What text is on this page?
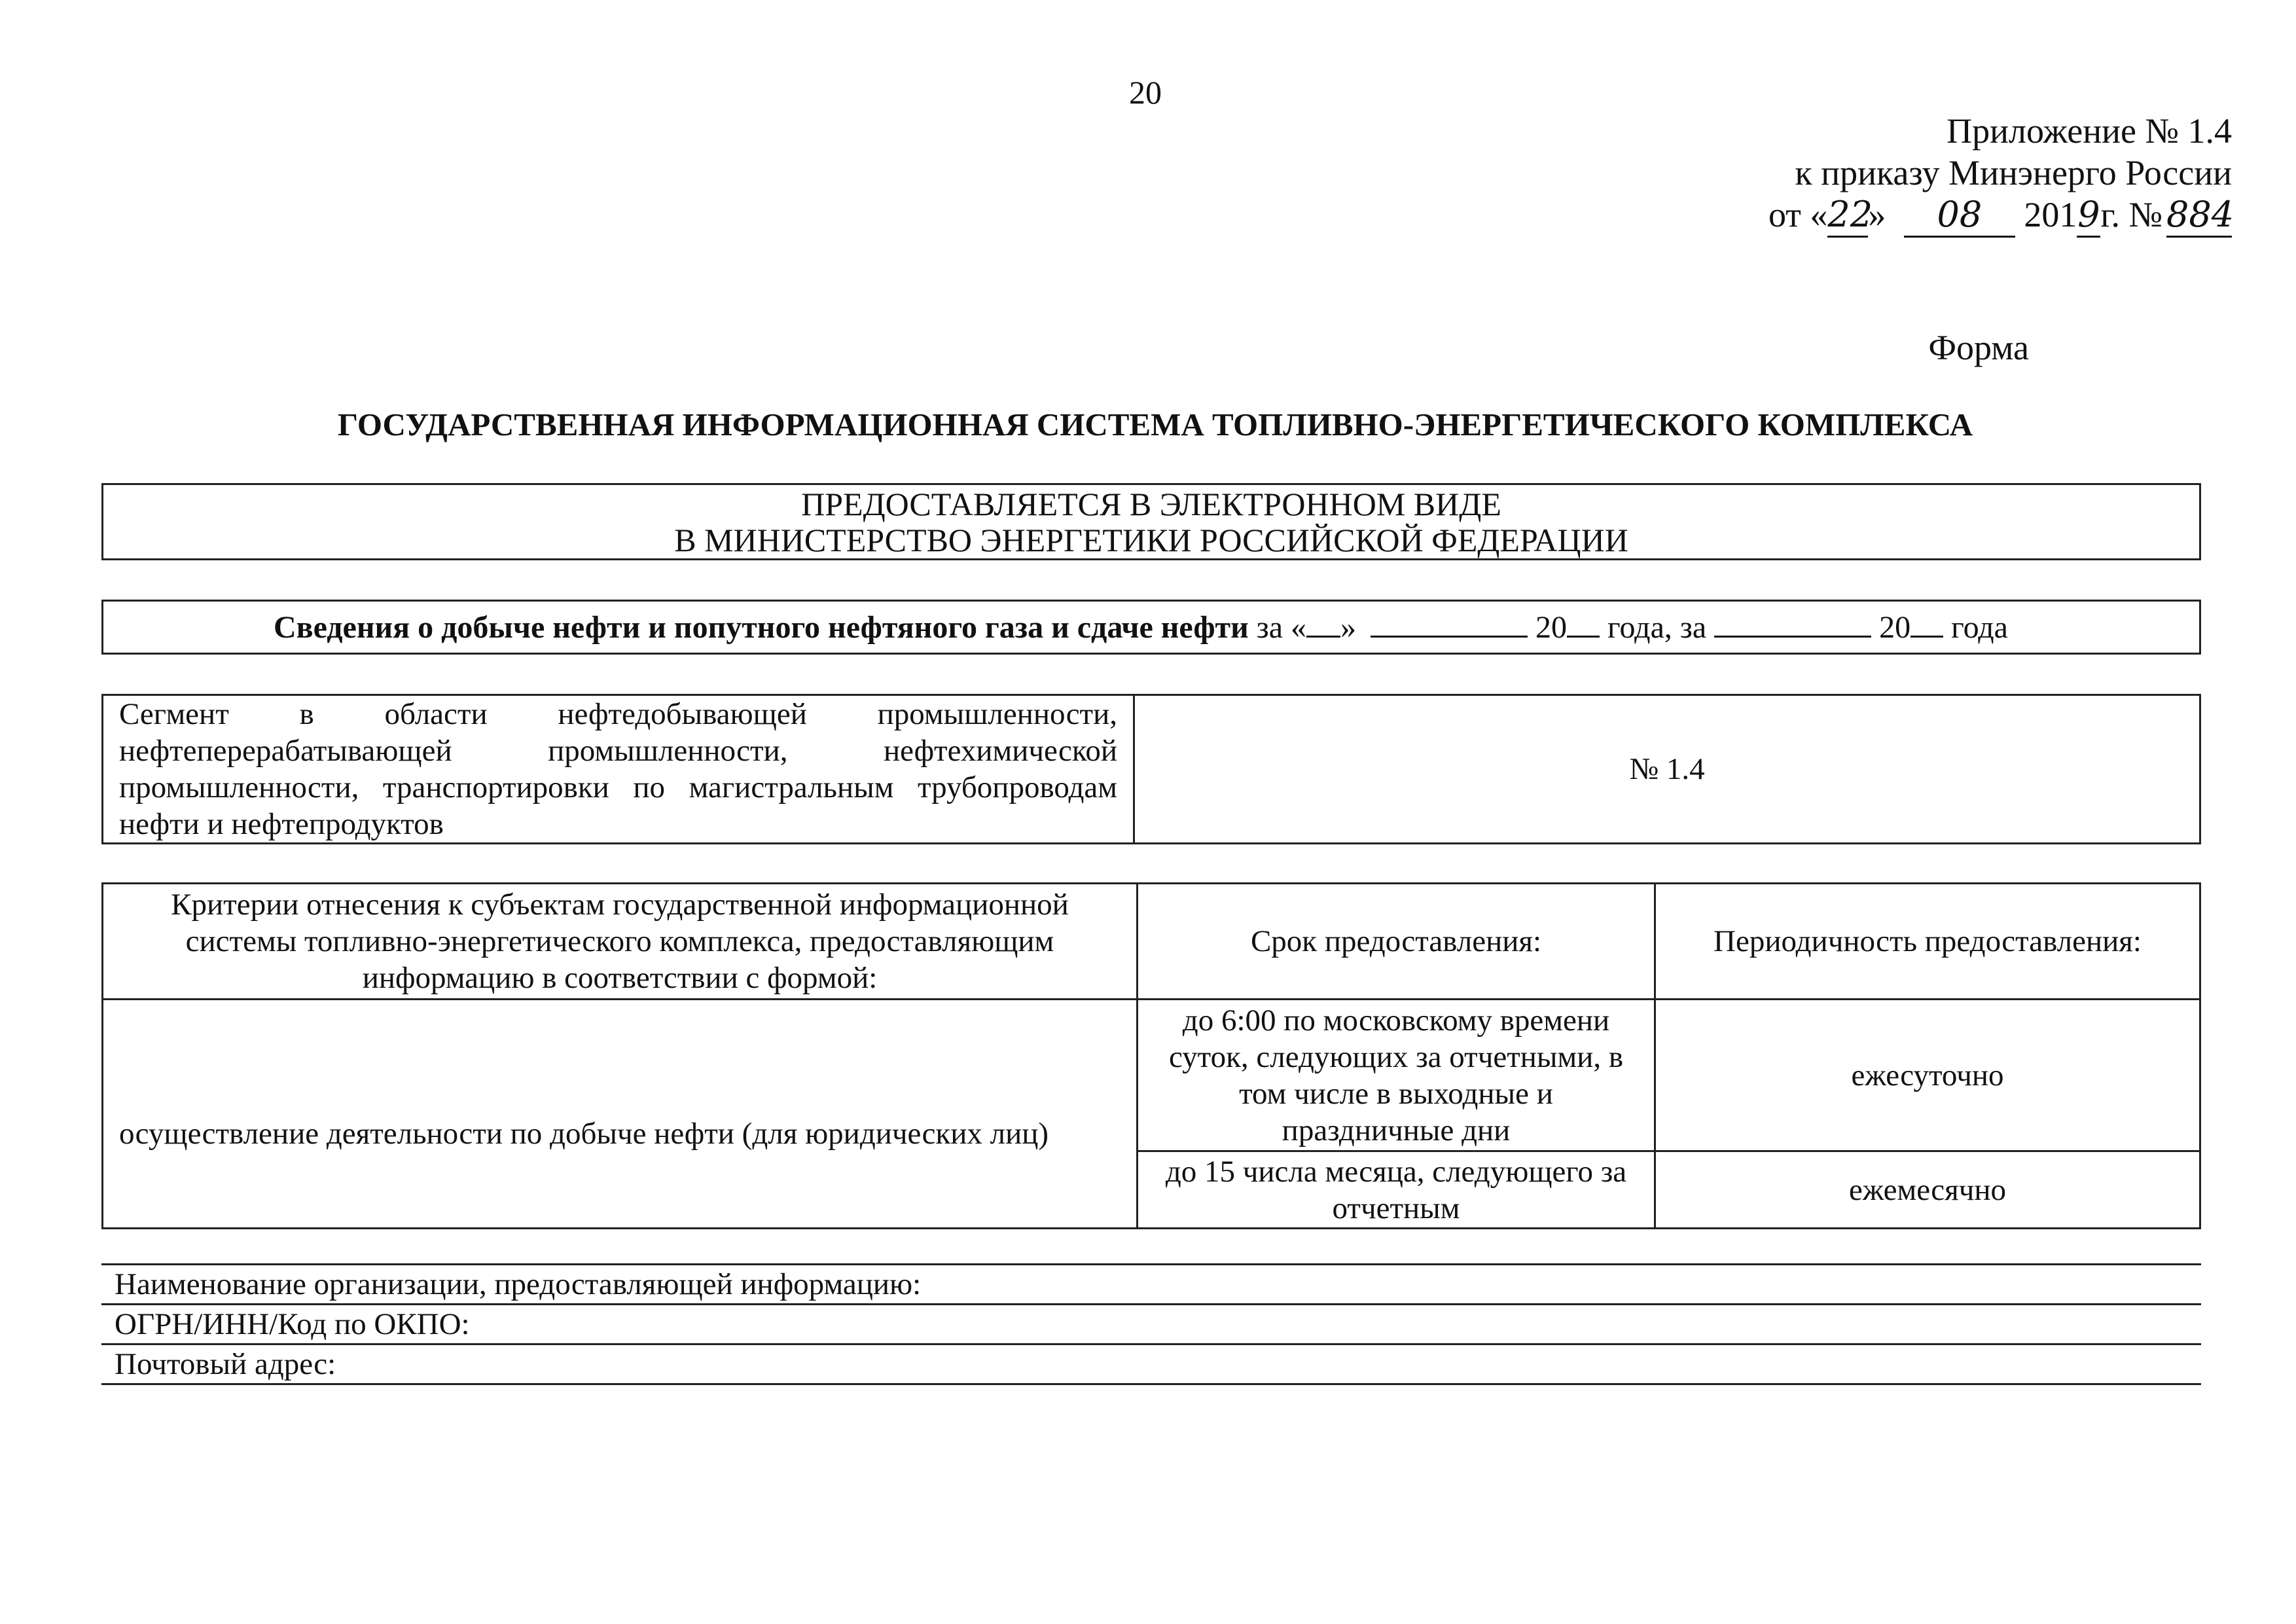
20
Приложение № 1.4
к приказу Минэнерго России
от «22» 08 2019г. № 884
Форма
ГОСУДАРСТВЕННАЯ ИНФОРМАЦИОННАЯ СИСТЕМА ТОПЛИВНО-ЭНЕРГЕТИЧЕСКОГО КОМПЛЕКСА
ПРЕДОСТАВЛЯЕТСЯ В ЭЛЕКТРОННОМ ВИДЕ
В МИНИСТЕРСТВО ЭНЕРГЕТИКИ РОССИЙСКОЙ ФЕДЕРАЦИИ
Сведения о добыче нефти и попутного нефтяного газа и сдаче нефти за « »	20 года, за	20 года
Сегмент в области нефтедобывающей промышленности, нефтеперерабатывающей промышленности, нефтехимической промышленности, транспортировки по магистральным трубопроводам нефти и нефтепродуктов	№ 1.4
Критерии отнесения к субъектам государственной информационной системы топливно-энергетического комплекса, предоставляющим информацию в соответствии с формой:	Срок предоставления:	Периодичность предоставления:
осуществление деятельности по добыче нефти (для юридических лиц)	до 6:00 по московскому времени суток, следующих за отчетными, в том числе в выходные и праздничные дни	ежесуточно
	до 15 числа месяца, следующего за отчетным	ежемесячно
Наименование организации, предоставляющей информацию:
ОГРН/ИНН/Код по ОКПО:
Почтовый адрес:
